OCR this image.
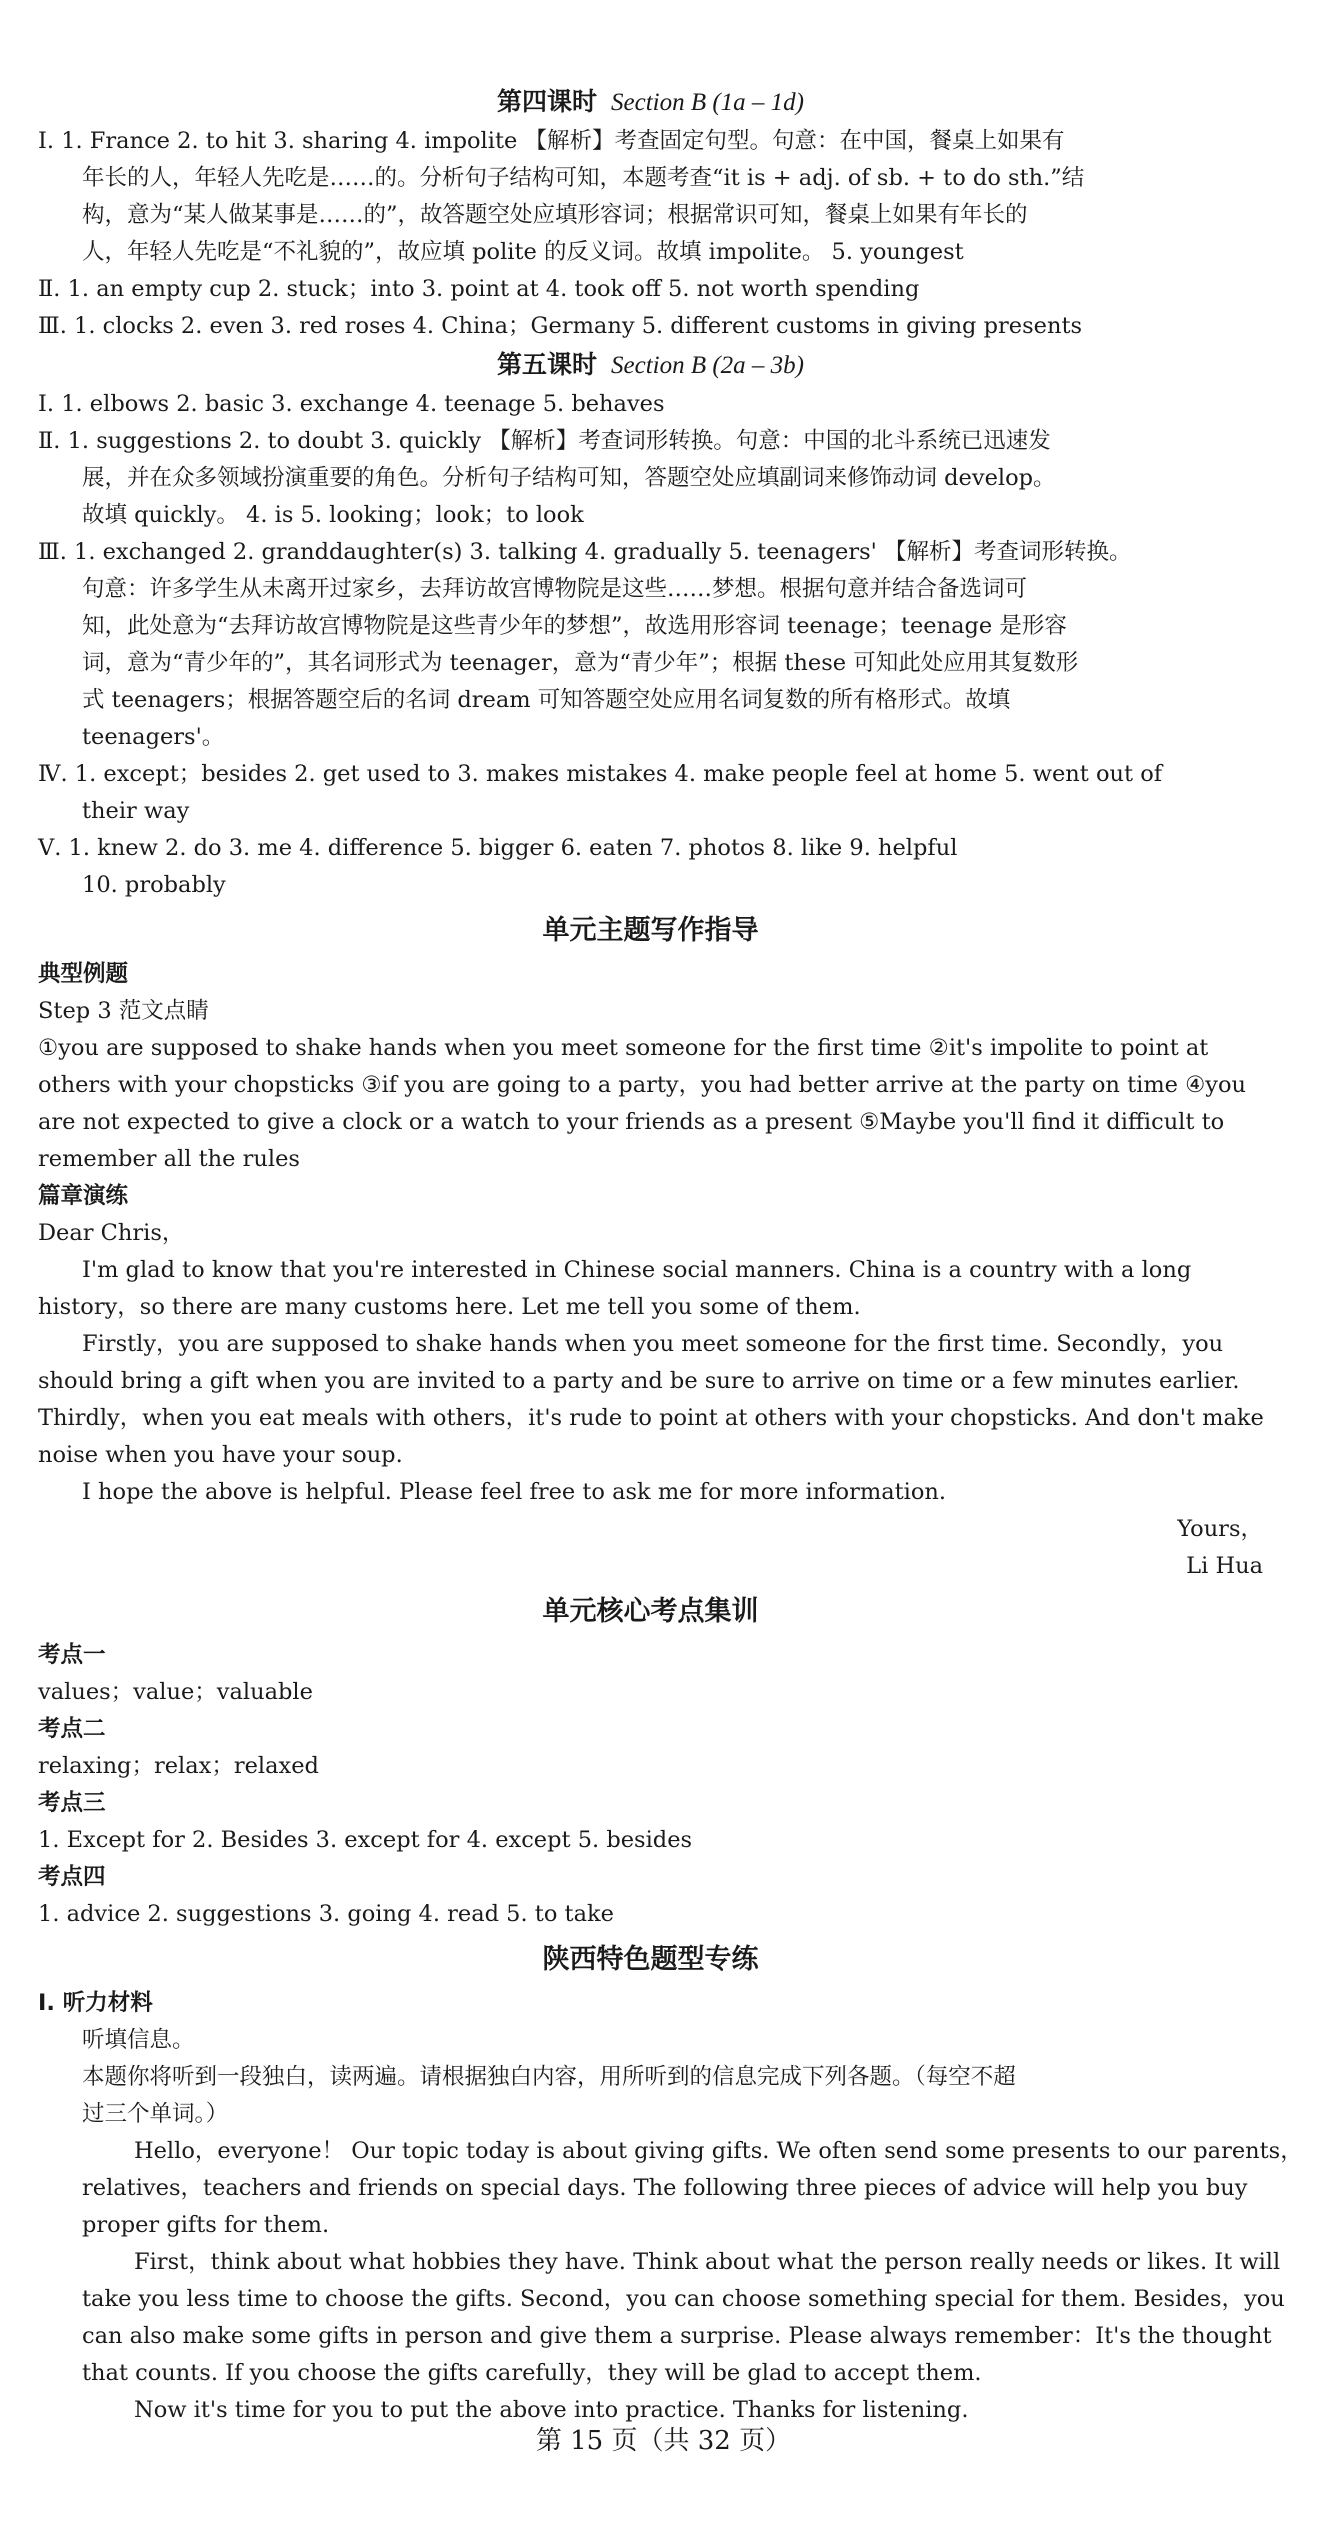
第四课时 Section B (1a – 1d)
Ⅰ. 1. France 2. to hit 3. sharing 4. impolite 【解析】考查固定句型。句意：在中国，餐桌上如果有
年长的人，年轻人先吃是……的。分析句子结构可知，本题考查“it is + adj. of sb. + to do sth.”结
构，意为“某人做某事是……的”，故答题空处应填形容词；根据常识可知，餐桌上如果有年长的
人，年轻人先吃是“不礼貌的”，故应填 polite 的反义词。故填 impolite。 5. youngest
Ⅱ. 1. an empty cup 2. stuck；into 3. point at 4. took off 5. not worth spending
Ⅲ. 1. clocks 2. even 3. red roses 4. China；Germany 5. different customs in giving presents
第五课时 Section B (2a – 3b)
Ⅰ. 1. elbows 2. basic 3. exchange 4. teenage 5. behaves
Ⅱ. 1. suggestions 2. to doubt 3. quickly 【解析】考查词形转换。句意：中国的北斗系统已迅速发
展，并在众多领域扮演重要的角色。分析句子结构可知，答题空处应填副词来修饰动词 develop。
故填 quickly。 4. is 5. looking；look；to look
Ⅲ. 1. exchanged 2. granddaughter(s) 3. talking 4. gradually 5. teenagers' 【解析】考查词形转换。
句意：许多学生从未离开过家乡，去拜访故宫博物院是这些……梦想。根据句意并结合备选词可
知，此处意为“去拜访故宫博物院是这些青少年的梦想”，故选用形容词 teenage；teenage 是形容
词，意为“青少年的”，其名词形式为 teenager，意为“青少年”；根据 these 可知此处应用其复数形
式 teenagers；根据答题空后的名词 dream 可知答题空处应用名词复数的所有格形式。故填
teenagers'。
Ⅳ. 1. except；besides 2. get used to 3. makes mistakes 4. make people feel at home 5. went out of
their way
Ⅴ. 1. knew 2. do 3. me 4. difference 5. bigger 6. eaten 7. photos 8. like 9. helpful
10. probably
单元主题写作指导
典型例题
Step 3 范文点睛
①you are supposed to shake hands when you meet someone for the first time ②it's impolite to point at
others with your chopsticks ③if you are going to a party，you had better arrive at the party on time ④you
are not expected to give a clock or a watch to your friends as a present ⑤Maybe you'll find it difficult to
remember all the rules
篇章演练
Dear Chris，
I'm glad to know that you're interested in Chinese social manners. China is a country with a long
history，so there are many customs here. Let me tell you some of them.
Firstly，you are supposed to shake hands when you meet someone for the first time. Secondly，you
should bring a gift when you are invited to a party and be sure to arrive on time or a few minutes earlier.
Thirdly，when you eat meals with others，it's rude to point at others with your chopsticks. And don't make
noise when you have your soup.
I hope the above is helpful. Please feel free to ask me for more information.
Yours，
Li Hua
单元核心考点集训
考点一
values；value；valuable
考点二
relaxing；relax；relaxed
考点三
1. Except for 2. Besides 3. except for 4. except 5. besides
考点四
1. advice 2. suggestions 3. going 4. read 5. to take
陕西特色题型专练
Ⅰ. 听力材料
听填信息。
本题你将听到一段独白，读两遍。请根据独白内容，用所听到的信息完成下列各题。（每空不超
过三个单词。）
Hello，everyone！ Our topic today is about giving gifts. We often send some presents to our parents，
relatives，teachers and friends on special days. The following three pieces of advice will help you buy
proper gifts for them.
First，think about what hobbies they have. Think about what the person really needs or likes. It will
take you less time to choose the gifts. Second，you can choose something special for them. Besides，you
can also make some gifts in person and give them a surprise. Please always remember：It's the thought
that counts. If you choose the gifts carefully，they will be glad to accept them.
Now it's time for you to put the above into practice. Thanks for listening.
第 15 页（共 32 页）
